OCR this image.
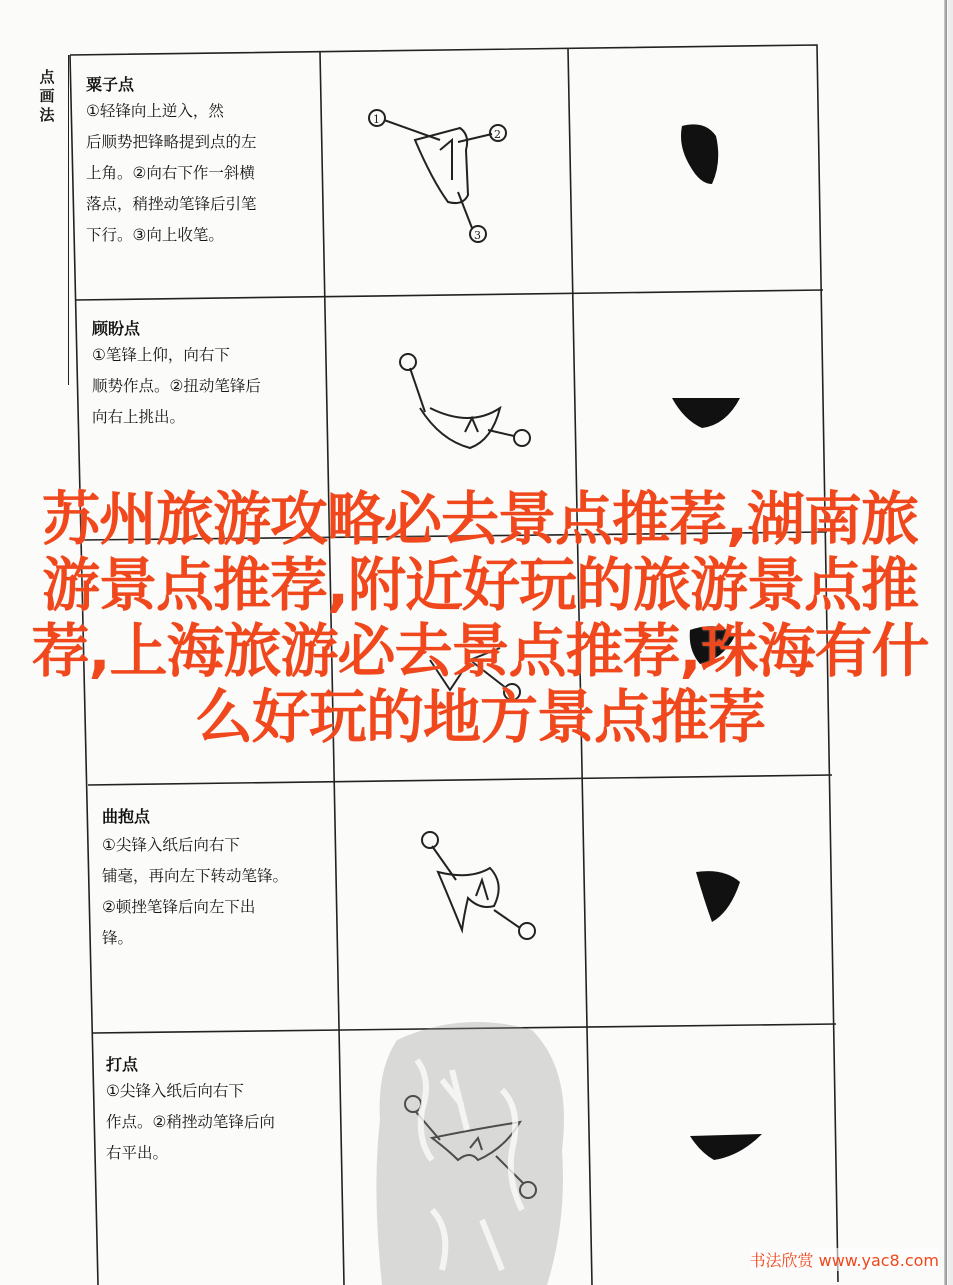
点
画
法
粟子点
①轻锋向上逆入，然
后顺势把锋略提到点的左
上角。②向右下作一斜横
落点，稍挫动笔锋后引笔
下行。③向上收笔。
顾盼点
①笔锋上仰，向右下
顺势作点。②扭动笔锋后
向右上挑出。
曲抱点
①尖锋入纸后向右下
铺毫，再向左下转动笔锋。
②顿挫笔锋后向左下出
锋。
打点
①尖锋入纸后向右下
作点。②稍挫动笔锋后向
右平出。
1
2
3
苏州旅游攻略必去景点推荐,湖南旅游景点推荐,附近好玩的旅游景点推荐,上海旅游必去景点推荐,珠海有什么好玩的地方景点推荐
书法欣赏 www.yac8.com
